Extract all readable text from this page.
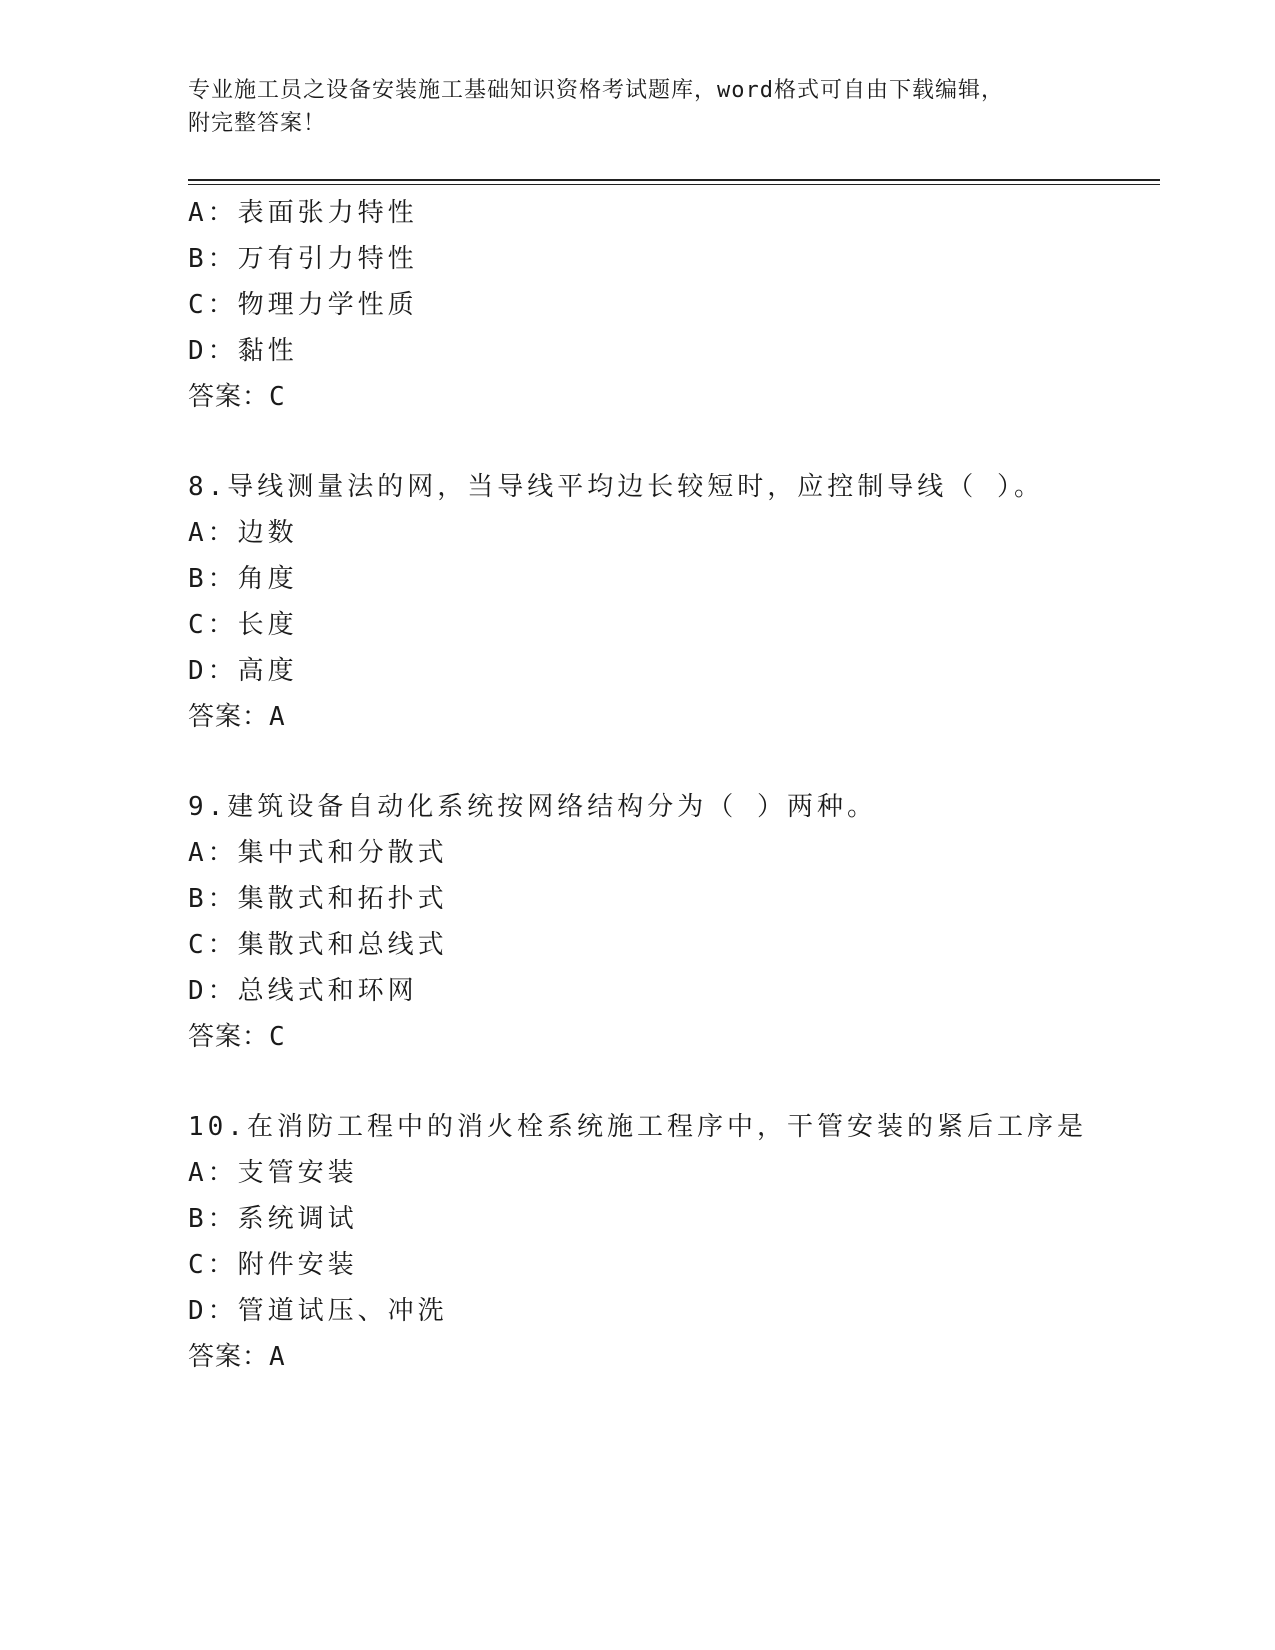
专业施工员之设备安装施工基础知识资格考试题库，word格式可自由下载编辑，
附完整答案！
A：表面张力特性
B：万有引力特性
C：物理力学性质
D：黏性
答案：C
8.导线测量法的网，当导线平均边长较短时，应控制导线（ ）。
A：边数
B：角度
C：长度
D：高度
答案：A
9.建筑设备自动化系统按网络结构分为（ ）两种。
A：集中式和分散式
B：集散式和拓扑式
C：集散式和总线式
D：总线式和环网
答案：C
10.在消防工程中的消火栓系统施工程序中，干管安装的紧后工序是
A：支管安装
B：系统调试
C：附件安装
D：管道试压、冲洗
答案：A
